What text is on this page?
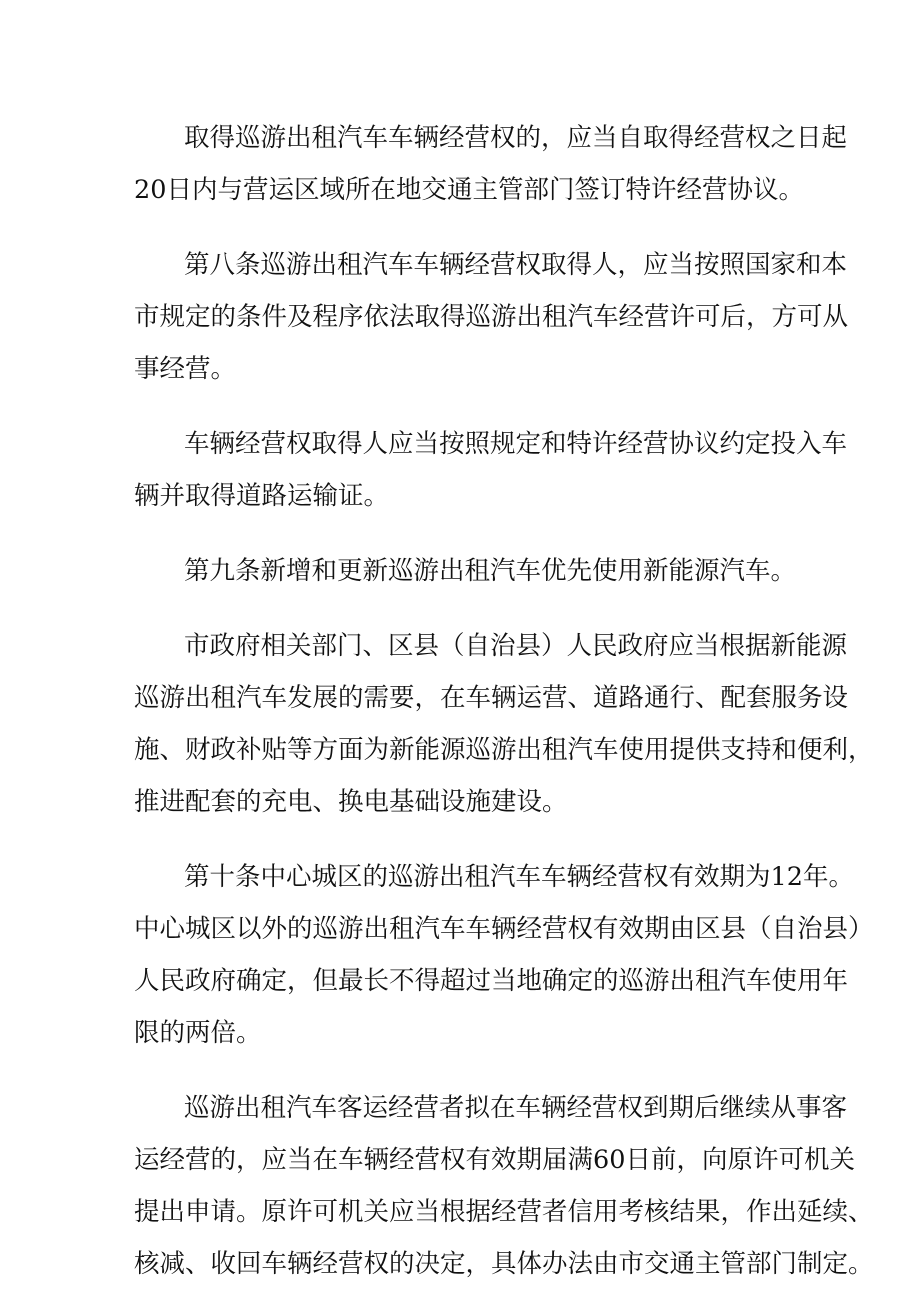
取得巡游出租汽车车辆经营权的，应当自取得经营权之日起
20日内与营运区域所在地交通主管部门签订特许经营协议。

第八条巡游出租汽车车辆经营权取得人，应当按照国家和本
市规定的条件及程序依法取得巡游出租汽车经营许可后，方可从
事经营。

车辆经营权取得人应当按照规定和特许经营协议约定投入车
辆并取得道路运输证。

第九条新增和更新巡游出租汽车优先使用新能源汽车。

市政府相关部门、区县（自治县）人民政府应当根据新能源
巡游出租汽车发展的需要，在车辆运营、道路通行、配套服务设
施、财政补贴等方面为新能源巡游出租汽车使用提供支持和便利，
推进配套的充电、换电基础设施建设。

第十条中心城区的巡游出租汽车车辆经营权有效期为12年。
中心城区以外的巡游出租汽车车辆经营权有效期由区县（自治县）
人民政府确定，但最长不得超过当地确定的巡游出租汽车使用年
限的两倍。

巡游出租汽车客运经营者拟在车辆经营权到期后继续从事客
运经营的，应当在车辆经营权有效期届满60日前，向原许可机关
提出申请。原许可机关应当根据经营者信用考核结果，作出延续、
核减、收回车辆经营权的决定，具体办法由市交通主管部门制定。
